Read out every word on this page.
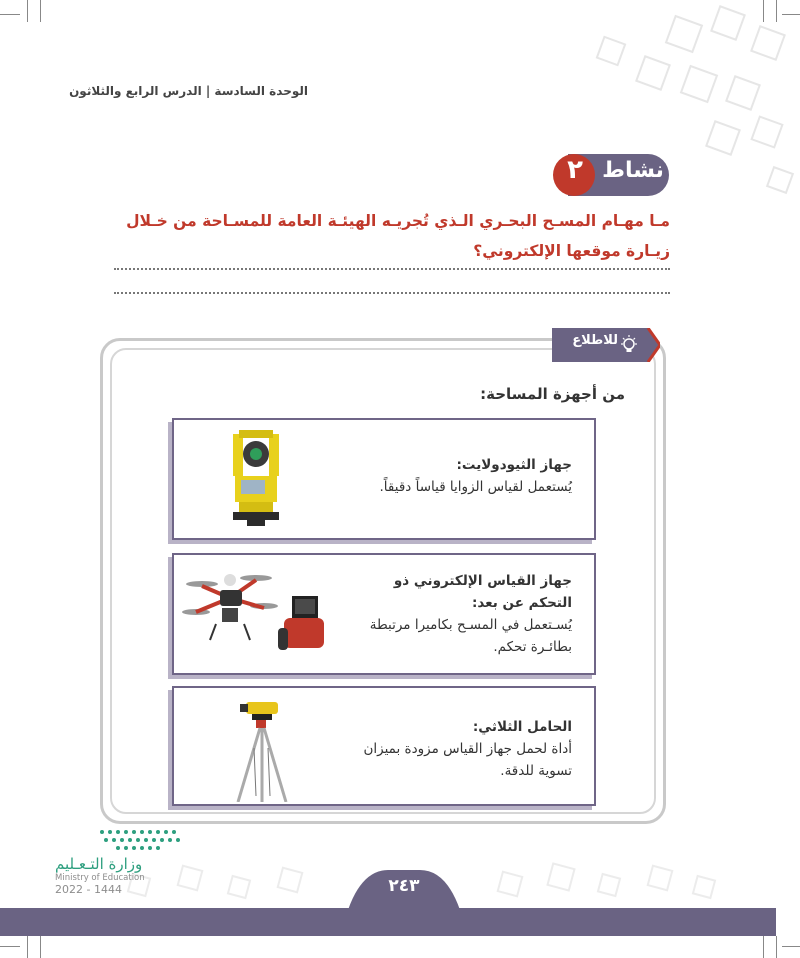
الوحدة السادسة | الدرس الرابع والثلاثون
نشاط
٢
مـا مهـام المسـح البحـري الـذي تُجريـه الهيئـة العامة للمسـاحة من خـلال زيـارة موقعها الإلكتروني؟
للاطلاع
من أجهزة المساحة:
جهاز الثيودولايت:
يُستعمل لقياس الزوايا قياساً دقيقاً.
جهاز القياس الإلكتروني ذو التحكم عن بعد:
يُسـتعمل في المسـح بكاميرا مرتبطة بطائـرة تحكم.
الحامل الثلاثي:
أداة لحمل جهاز القياس مزودة بميزان تسوية للدقة.
٢٤٣
وزارة التـعـليم
Ministry of Education
2022 - 1444
